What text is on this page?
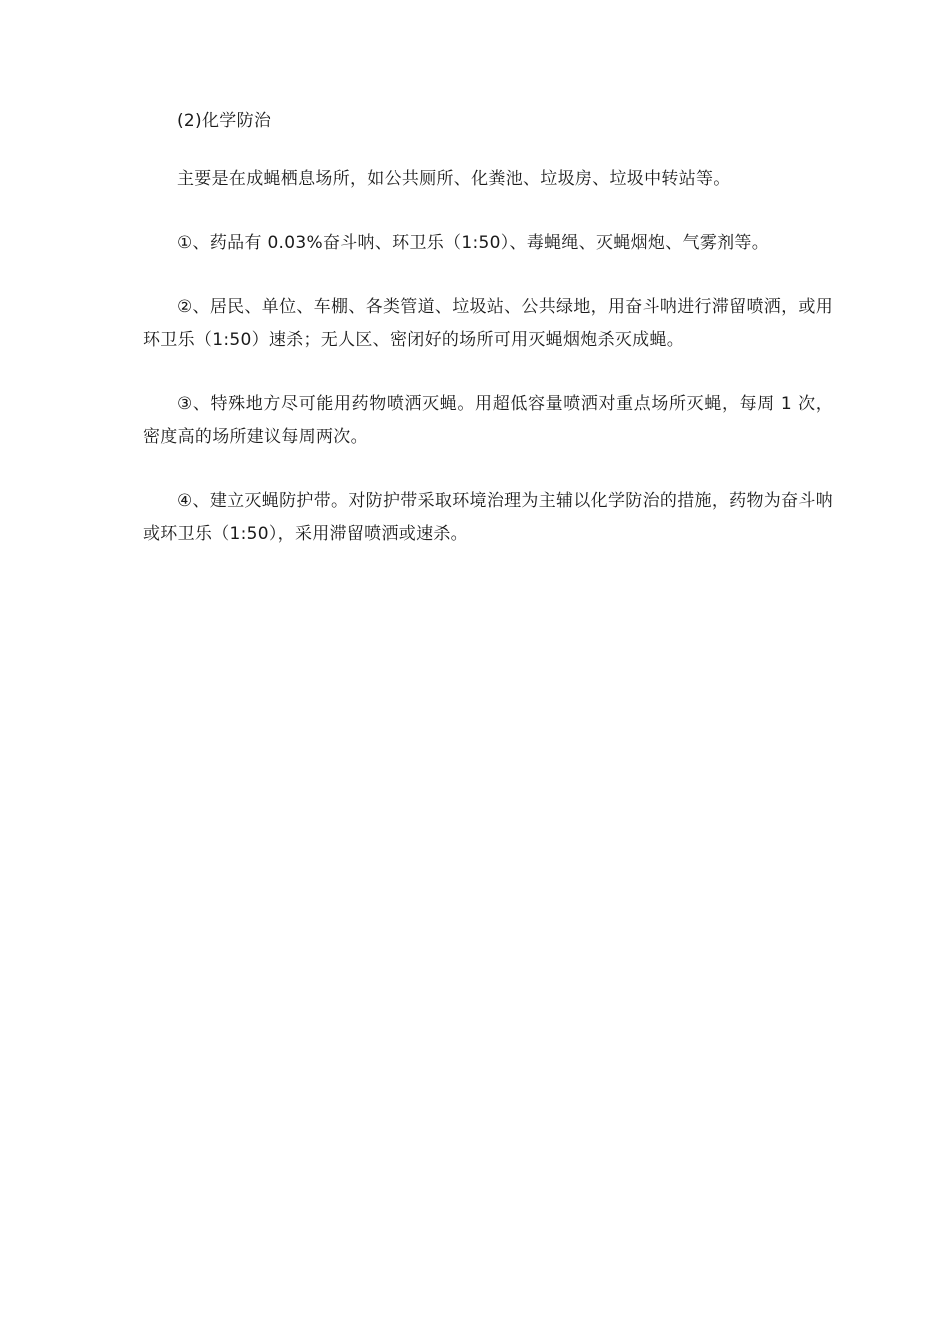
(2)化学防治

主要是在成蝇栖息场所，如公共厕所、化粪池、垃圾房、垃圾中转站等。

①、药品有 0.03%奋斗呐、环卫乐（1:50）、毒蝇绳、灭蝇烟炮、气雾剂等。

②、居民、单位、车棚、各类管道、垃圾站、公共绿地，用奋斗呐进行滞留喷洒，或用环卫乐（1:50）速杀；无人区、密闭好的场所可用灭蝇烟炮杀灭成蝇。

③、特殊地方尽可能用药物喷洒灭蝇。用超低容量喷洒对重点场所灭蝇，每周 1 次，密度高的场所建议每周两次。

④、建立灭蝇防护带。对防护带采取环境治理为主辅以化学防治的措施，药物为奋斗呐或环卫乐（1:50），采用滞留喷洒或速杀。
